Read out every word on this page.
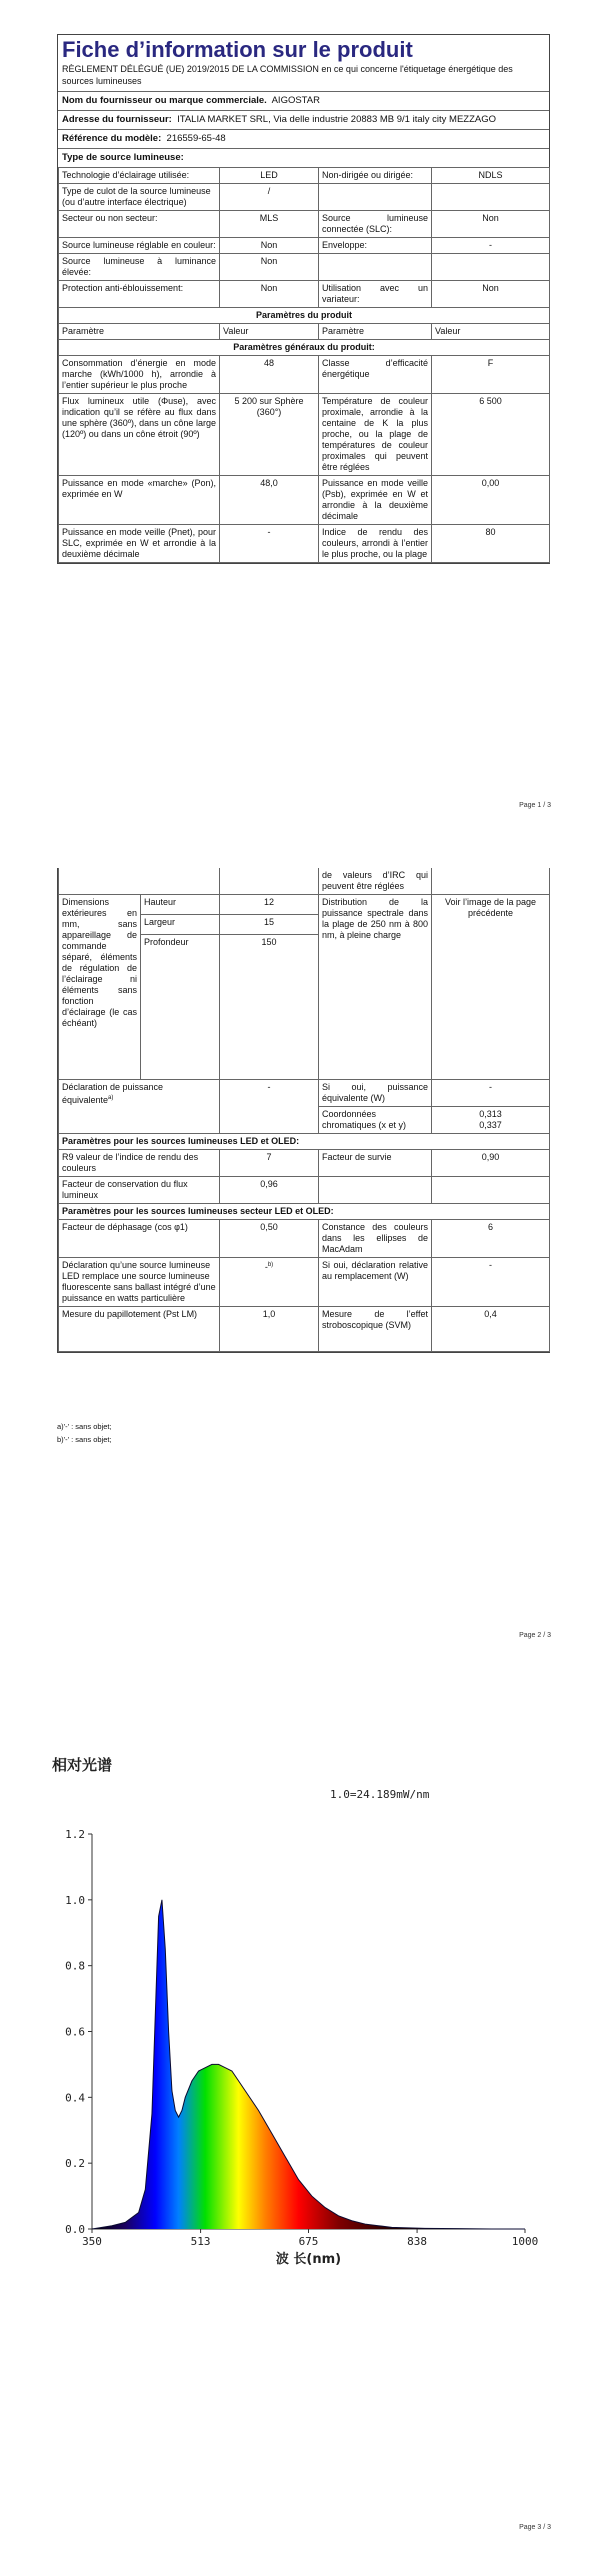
Fiche d’information sur le produit
RÈGLEMENT DÉLÉGUÉ (UE) 2019/2015 DE LA COMMISSION en ce qui concerne l'étiquetage énergétique des sources lumineuses
Nom du fournisseur ou marque commerciale. AIGOSTAR
Adresse du fournisseur: ITALIA MARKET SRL, Via delle industrie 20883 MB 9/1 italy city MEZZAGO
Référence du modèle: 216559-65-48
Type de source lumineuse:
Technologie d’éclairage utilisée:	LED	Non-dirigée ou dirigée:	NDLS
Type de culot de la source lumineuse
(ou d’autre interface électrique)	/		
Secteur ou non secteur:	MLS	Source lumineuse connectée (SLC):	Non
Source lumineuse réglable en couleur:	Non	Enveloppe:	-
Source lumineuse à luminance élevée:	Non		
Protection anti-éblouissement:	Non	Utilisation avec un variateur:	Non
Paramètres du produit			
Paramètre	Valeur	Paramètre	Valeur
Paramètres généraux du produit:			
Consommation d’énergie en mode marche (kWh/1000 h), arrondie à l’entier supérieur le plus proche	48	Classe d’efficacité énergétique	F
Flux lumineux utile (Φuse), avec indication qu’il se réfère au flux dans une sphère (360º), dans un cône large (120º) ou dans un cône étroit (90º)	5 200 sur Sphère (360°)	Température de couleur proximale, arrondie à la centaine de K la plus proche, ou la plage de températures de couleur proximales qui peuvent être réglées	6 500
Puissance en mode «marche» (Pon), exprimée en W	48,0	Puissance en mode veille (Psb), exprimée en W et arrondie à la deuxième décimale	0,00
Puissance en mode veille (Pnet), pour SLC, exprimée en W et arrondie à la deuxième décimale	-	Indice de rendu des couleurs, arrondi à l’entier le plus proche, ou la plage	80
Page 1 / 3
			de valeurs d’IRC qui peuvent être réglées	
Dimensions extérieures en mm, sans appareillage de commande séparé, éléments de régulation de l’éclairage ni éléments sans fonction d’éclairage (le cas échéant)	Hauteur	12	Distribution de la puissance spectrale dans la plage de 250 nm à 800 nm, à pleine charge	Voir l’image de la page précédente
	Largeur	15		
	Profondeur	150		
Déclaration de puissance équivalente$^{a)}$		-	Si oui, puissance équivalente (W)	-
			Coordonnées chromatiques (x et y)	0,313
0,337

Paramètres pour les sources lumineuses LED et OLED:				
R9 valeur de l’indice de rendu des couleurs		7	Facteur de survie	0,90
Facteur de conservation du flux lumineux		0,96		
Paramètres pour les sources lumineuses secteur LED et OLED:				
Facteur de déphasage (cos φ1)		0,50	Constance des couleurs dans les ellipses de MacAdam	6
Déclaration qu’une source lumineuse LED remplace une source lumineuse fluorescente sans ballast intégré d’une puissance en watts particulière		-$^{b)}$	Si oui, déclaration relative au remplacement (W)	-
Mesure du papillotement (Pst LM)		1,0	Mesure de l’effet stroboscopique (SVM)	0,4
a)'-' : sans objet;
b)'-' : sans objet;
Page 2 / 3
相对光谱
1.0=24.189mW/nm
350	513	675	838	1000
0.0
0.2
0.4
0.6
0.8
1.0
1.2
波 长(nm)
Page 3 / 3
